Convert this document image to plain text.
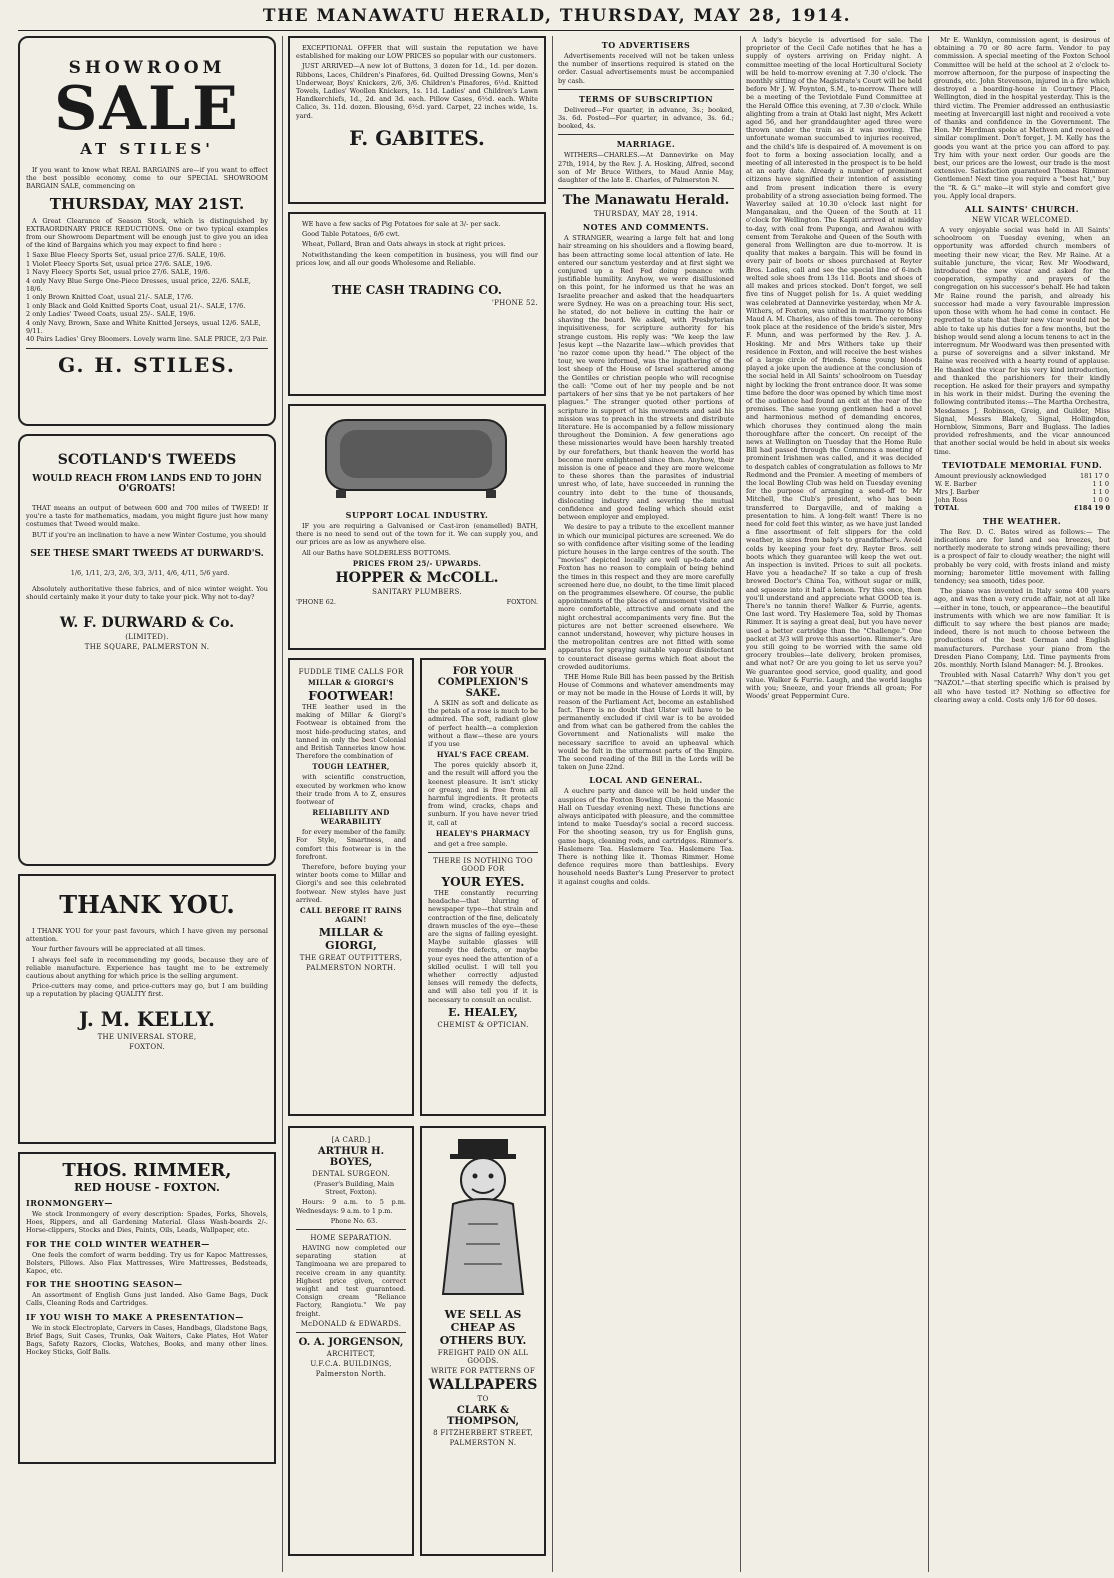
THE MANAWATU HERALD, THURSDAY, MAY 28, 1914.
SHOWROOM
SALE
AT STILES'

If you want to know what REAL BARGAINS are—if you want to effect the best possible economy, come to our SPECIAL SHOWROOM BARGAIN SALE, commencing on

THURSDAY, MAY 21ST.

A Great Clearance of Season Stock, which is distinguished by EXTRAORDINARY PRICE REDUCTIONS. One or two typical examples from our Showroom Department will be enough just to give you an idea of the kind of Bargains which you may expect to find here :

1 Saxe Blue Fleecy Sports Set, usual price 27/6. SALE, 19/6.
1 Violet Fleecy Sports Set, usual price 27/6. SALE, 19/6.
1 Navy Fleecy Sports Set, usual price 27/6. SALE, 19/6.
4 only Navy Blue Serge One-Piece Dresses, usual price, 22/6. SALE, 18/6.
1 only Brown Knitted Coat, usual 21/-. SALE, 17/6.
1 only Black and Gold Knitted Sports Coat, usual 21/-. SALE, 17/6.
2 only Ladies' Tweed Coats, usual 25/-. SALE, 19/6.
4 only Navy, Brown, Saxe and White Knitted Jerseys, usual 12/6. SALE, 9/11.
40 Pairs Ladies' Grey Bloomers. Lovely warm line. SALE PRICE, 2/3 Pair.
G. H. STILES.
SCOTLAND'S TWEEDS
WOULD REACH FROM LANDS END TO JOHN O'GROATS!

THAT means an output of between 600 and 700 miles of TWEED! If you're a taste for mathematics, madam, you might figure just how many costumes that Tweed would make.

BUT if you're an inclination to have a new Winter Costume, you should

SEE THESE SMART TWEEDS AT DURWARD'S.

1/6, 1/11, 2/3, 2/6, 3/3, 3/11, 4/6, 4/11, 5/6 yard.

Absolutely authoritative these fabrics, and of nice winter weight. You should certainly make it your duty to take your pick. Why not to-day?

W. F. DURWARD & Co.
(LIMITED).
THE SQUARE, PALMERSTON N.
THANK YOU.

I THANK YOU for your past favours, which I have given my personal attention.

Your further favours will be appreciated at all times.

I always feel safe in recommending my goods, because they are of reliable manufacture. Experience has taught me to be extremely cautious about anything for which price is the selling argument.

Price-cutters may come, and price-cutters may go, but I am building up a reputation by placing QUALITY first.

J. M. KELLY.
THE UNIVERSAL STORE,
FOXTON.
THOS. RIMMER,
RED HOUSE - FOXTON.
IRONMONGERY—

We stock Ironmongery of every description: Spades, Forks, Shovels, Hoes, Rippers, and all Gardening Material. Glass Wash-boards 2/-. Horse-clippers, Stocks and Dies, Paints, Oils, Leads, Wallpaper, etc.

FOR THE COLD WINTER WEATHER—

One feels the comfort of warm bedding. Try us for Kapoc Mattresses, Bolsters, Pillows. Also Flax Mattresses, Wire Mattresses, Bedsteads, Kapoc, etc.

FOR THE SHOOTING SEASON—

An assortment of English Guns just landed. Also Game Bags, Duck Calls, Cleaning Rods and Cartridges.

IF YOU WISH TO MAKE A PRESENTATION—

We in stock Electroplate, Carvers in Cases, Handbags, Gladstone Bags, Brief Bags, Suit Cases, Trunks, Oak Waiters, Cake Plates, Hot Water Bags, Safety Razors, Clocks, Watches, Books, and many other lines. Hockey Sticks, Golf Balls.

EXCEPTIONAL OFFER that will sustain the reputation we have established for making our LOW PRICES so popular with our customers.

JUST ARRIVED—A new lot of Buttons, 3 dozen for 1d., 1d. per dozen. Ribbons, Laces, Children's Pinafores, 6d. Quilted Dressing Gowns, Men's Underwear, Boys' Knickers, 2/6, 3/6. Children's Pinafores, 6½d. Knitted Towels, Ladies' Woollen Knickers, 1s. 11d. Ladies' and Children's Lawn Handkerchiefs, 1d., 2d. and 3d. each. Pillow Cases, 6½d. each. White Calico, 3s. 11d. dozen. Blousing, 6½d. yard. Carpet, 22 inches wide, 1s. yard.

F. GABITES.

WE have a few sacks of Pig Potatoes for sale at 3/- per sack.

Good Table Potatoes, 6/6 cwt.

Wheat, Pollard, Bran and Oats always in stock at right prices.

Notwithstanding the keen competition in business, you will find our prices low, and all our goods Wholesome and Reliable.

THE CASH TRADING CO.
'PHONE 52.
SUPPORT LOCAL INDUSTRY.

IF you are requiring a Galvanised or Cast-iron (enamelled) BATH, there is no need to send out of the town for it. We can supply you, and our prices are as low as anywhere else.

All our Baths have SOLDERLESS BOTTOMS.

PRICES FROM 25/- UPWARDS.
HOPPER & McCOLL.
SANITARY PLUMBERS.
'PHONE 62.	FOXTON.
FUDDLE TIME CALLS FOR
MILLAR & GIORGI'S
FOOTWEAR!

THE leather used in the making of Millar & Giorgi's Footwear is obtained from the most hide-producing states, and tanned in only the best Colonial and British Tanneries know how. Therefore the combination of

TOUGH LEATHER,

with scientific construction, executed by workmen who know their trade from A to Z, ensures footwear of

RELIABILITY AND WEARABILITY

for every member of the family. For Style, Smartness, and comfort this footwear is in the forefront.

Therefore, before buying your winter boots come to Millar and Giorgi's and see this celebrated footwear. New styles have just arrived.

CALL BEFORE IT RAINS AGAIN!
MILLAR & GIORGI,
THE GREAT OUTFITTERS,
PALMERSTON NORTH.
FOR YOUR COMPLEXION'S SAKE.

A SKIN as soft and delicate as the petals of a rose is much to be admired. The soft, radiant glow of perfect health—a complexion without a flaw—these are yours if you use

HYAL'S FACE CREAM.

The pores quickly absorb it, and the result will afford you the keenest pleasure. It isn't sticky or greasy, and is free from all harmful ingredients. It protects from wind, cracks, chaps and sunburn. If you have never tried it, call at

HEALEY'S PHARMACY

and get a free sample.

THERE IS NOTHING TOO GOOD FOR
YOUR EYES.

THE constantly recurring headache—that blurring of newspaper type—that strain and contraction of the fine, delicately drawn muscles of the eye—these are the signs of failing eyesight. Maybe suitable glasses will remedy the defects, or maybe your eyes need the attention of a skilled oculist. I will tell you whether correctly adjusted lenses will remedy the defects, and will also tell you if it is necessary to consult an oculist.

E. HEALEY,
CHEMIST & OPTICIAN.
[A CARD.]
ARTHUR H. BOYES,
DENTAL SURGEON.

(Fraser's Building, Main Street, Foxton).

Hours: 9 a.m. to 5 p.m. Wednesdays: 9 a.m. to 1 p.m.

Phone No. 63.

HOME SEPARATION.

HAVING now completed our separating station at Tangimoana we are prepared to receive cream in any quantity. Highest price given, correct weight and test guaranteed. Consign cream "Reliance Factory, Rangiotu." We pay freight.

McDONALD & EDWARDS.
O. A. JORGENSON,
ARCHITECT,
U.F.C.A. BUILDINGS,
Palmerston North.
WE SELL AS CHEAP AS OTHERS BUY.
FREIGHT PAID ON ALL GOODS.
WRITE FOR PATTERNS OF
WALLPAPERS
TO
CLARK & THOMPSON,
8 FITZHERBERT STREET,
PALMERSTON N.
TO ADVERTISERS

Advertisements received will not be taken unless the number of insertions required is stated on the order. Casual advertisements must be accompanied by cash.

TERMS OF SUBSCRIPTION

Delivered—For quarter, in advance, 3s.; booked, 3s. 6d. Posted—For quarter, in advance, 3s. 6d.; booked, 4s.

MARRIAGE.

WITHERS—CHARLES.—At Dannevirke on May 27th, 1914, by the Rev. J. A. Hosking, Alfred, second son of Mr Bruce Withers, to Maud Annie May, daughter of the late E. Charles, of Palmerston N.

The Manawatu Herald.
THURSDAY, MAY 28, 1914.
NOTES AND COMMENTS.

A STRANGER, wearing a large felt hat and long hair streaming on his shoulders and a flowing beard, has been attracting some local attention of late. He entered our sanctum yesterday and at first sight we conjured up a Red Fed doing penance with justifiable humility. Anyhow, we were disillusioned on this point, for he informed us that he was an Israelite preacher and asked that the headquarters were Sydney. He was on a preaching tour. His sect, he stated, do not believe in cutting the hair or shaving the beard. We asked, with Presbyterian inquisitiveness, for scripture authority for his strange custom. His reply was: "We keep the law Jesus kept —the Nazarite law—which provides that 'no razor come upon thy head.'" The object of the tour, we were informed, was the ingathering of the lost sheep of the House of Israel scattered among the Gentiles or christian people who will recognise the call: "Come out of her my people and be not partakers of her sins that ye be not partakers of her plagues." The stranger quoted other portions of scripture in support of his movements and said his mission was to preach in the streets and distribute literature. He is accompanied by a fellow missionary throughout the Dominion. A few generations ago these missionaries would have been harshly treated by our forefathers, but thank heaven the world has become more enlightened since then. Anyhow, their mission is one of peace and they are more welcome to these shores than the parasites of industrial unrest who, of late, have succeeded in running the country into debt to the tune of thousands, dislocating industry and severing the mutual confidence and good feeling which should exist between employer and employed.

We desire to pay a tribute to the excellent manner in which our municipal pictures are screened. We do so with confidence after visiting some of the leading picture houses in the large centres of the south. The "movies" depicted locally are well up-to-date and Foxton has no reason to complain of being behind the times in this respect and they are more carefully screened here due, no doubt, to the time limit placed on the programmes elsewhere. Of course, the public appointments of the places of amusement visited are more comfortable, attractive and ornate and the night orchestral accompaniments very fine. But the pictures are not better screened elsewhere. We cannot understand, however, why picture houses in the metropolitan centres are not fitted with some apparatus for spraying suitable vapour disinfectant to counteract disease germs which float about the crowded auditoriums.

THE Home Rule Bill has been passed by the British House of Commons and whatever amendments may or may not be made in the House of Lords it will, by reason of the Parliament Act, become an established fact. There is no doubt that Ulster will have to be permanently excluded if civil war is to be avoided and from what can be gathered from the cables the Government and Nationalists will make the necessary sacrifice to avoid an upheaval which would be felt in the uttermost parts of the Empire. The second reading of the Bill in the Lords will be taken on June 22nd.

LOCAL AND GENERAL.

A euchre party and dance will be held under the auspices of the Foxton Bowling Club, in the Masonic Hall on Tuesday evening next. These functions are always anticipated with pleasure, and the committee intend to make Tuesday's social a record success. For the shooting season, try us for English guns, game bags, cleaning rods, and cartridges. Rimmer's. Haslemere Tea. Haslemere Tea. Haslemere Tea. There is nothing like it. Thomas Rimmer. Home defence requires more than battleships. Every household needs Baxter's Lung Preserver to protect it against coughs and colds.

A lady's bicycle is advertised for sale. The proprietor of the Cecil Cafe notifies that he has a supply of oysters arriving on Friday night. A committee meeting of the local Horticultural Society will be held to-morrow evening at 7.30 o'clock. The monthly sitting of the Magistrate's Court will be held before Mr J. W. Poynton, S.M., to-morrow. There will be a meeting of the Teviotdale Fund Committee at the Herald Office this evening, at 7.30 o'clock. While alighting from a train at Otaki last night, Mrs Ackett aged 56, and her granddaughter aged three were thrown under the train as it was moving. The unfortunate woman succumbed to injuries received, and the child's life is despaired of. A movement is on foot to form a boxing association locally, and a meeting of all interested in the prospect is to be held at an early date. Already a number of prominent citizens have signified their intention of assisting and from present indication there is every probability of a strong association being formed. The Waverley sailed at 10.30 o'clock last night for Manganakau, and the Queen of the South at 11 o'clock for Wellington. The Kapiti arrived at midday to-day, with coal from Puponga, and Awahou with cement from Terakohe and Queen of the South with general from Wellington are due to-morrow. It is quality that makes a bargain. This will be found in every pair of boots or shoes purchased at Reyter Bros. Ladies, call and see the special line of 6-inch welted sole shoes from 13s 11d. Boots and shoes of all makes and prices stocked. Don't forget, we sell five tins of Nugget polish for 1s. A quiet wedding was celebrated at Dannevirke yesterday, when Mr A. Withers, of Foxton, was united in matrimony to Miss Maud A. M. Charles, also of this town. The ceremony took place at the residence of the bride's sister, Mrs F. Munn, and was performed by the Rev. J. A. Hosking. Mr and Mrs Withers take up their residence in Foxton, and will receive the best wishes of a large circle of friends. Some young bloods played a joke upon the audience at the conclusion of the social held in All Saints' schoolroom on Tuesday night by locking the front entrance door. It was some time before the door was opened by which time most of the audience had found an exit at the rear of the premises. The same young gentlemen had a novel and harmonious method of demanding encores, which choruses they continued along the main thoroughfare after the concert. On receipt of the news at Wellington on Tuesday that the Home Rule Bill had passed through the Commons a meeting of prominent Irishmen was called, and it was decided to despatch cables of congratulation as follows to Mr Redmond and the Premier. A meeting of members of the local Bowling Club was held on Tuesday evening for the purpose of arranging a send-off to Mr Mitchell, the Club's president, who has been transferred to Dargaville, and of making a presentation to him. A long-felt want! There is no need for cold feet this winter, as we have just landed a fine assortment of felt slippers for the cold weather, in sizes from baby's to grandfather's. Avoid colds by keeping your feet dry. Reyter Bros. sell boots which they guarantee will keep the wet out. An inspection is invited. Prices to suit all pockets. Have you a headache? If so take a cup of fresh brewed Doctor's China Tea, without sugar or milk, and squeeze into it half a lemon. Try this once, then you'll understand and appreciate what GOOD tea is. There's no tannin there! Walker & Furrie, agents. One last word. Try Haslemere Tea, sold by Thomas Rimmer. It is saying a great deal, but you have never used a better cartridge than the "Challenge." One packet at 3/3 will prove this assertion. Rimmer's. Are you still going to be worried with the same old grocery troubles—late delivery, broken promises, and what not? Or are you going to let us serve you? We guarantee good service, good quality, and good value. Walker & Furrie. Laugh, and the world laughs with you; Sneeze, and your friends all groan; For Woods' great Peppermint Cure.

Mr E. Wanklyn, commission agent, is desirous of obtaining a 70 or 80 acre farm. Vendor to pay commission. A special meeting of the Foxton School Committee will be held at the school at 2 o'clock to-morrow afternoon, for the purpose of inspecting the grounds, etc. John Stevenson, injured in a fire which destroyed a boarding-house in Courtney Place, Wellington, died in the hospital yesterday. This is the third victim. The Premier addressed an enthusiastic meeting at Invercargill last night and received a vote of thanks and confidence in the Government. The Hon. Mr Herdman spoke at Methven and received a similar compliment. Don't forget, J. M. Kelly has the goods you want at the price you can afford to pay. Try him with your next order. Our goods are the best, our prices are the lowest, our trade is the most extensive. Satisfaction guaranteed Thomas Rimmer. Gentlemen! Next time you require a "best hat," buy the "R. & G." make—it will style and comfort give you. Apply local drapers.

ALL SAINTS' CHURCH.
NEW VICAR WELCOMED.

A very enjoyable social was held in All Saints' schoolroom on Tuesday evening, when an opportunity was afforded church members of meeting their new vicar, the Rev. Mr Raine. At a suitable juncture, the vicar, Rev. Mr Woodward, introduced the new vicar and asked for the cooperation, sympathy and prayers of the congregation on his successor's behalf. He had taken Mr Raine round the parish, and already his successor had made a very favourable impression upon those with whom he had come in contact. He regretted to state that their new vicar would not be able to take up his duties for a few months, but the bishop would send along a locum tenens to act in the interregnum. Mr Woodward was then presented with a purse of sovereigns and a silver inkstand. Mr Raine was received with a hearty round of applause. He thanked the vicar for his very kind introduction, and thanked the parishioners for their kindly reception. He asked for their prayers and sympathy in his work in their midst. During the evening the following contributed items:—The Martha Orchestra, Mesdames J. Robinson, Greig, and Guilder, Miss Signal, Messrs Blakely, Signal, Hollingdon, Hornblow, Simmons, Barr and Buglass. The ladies provided refreshments, and the vicar announced that another social would be held in about six weeks time.

TEVIOTDALE MEMORIAL FUND.
Amount previously acknowledged	181 17 0
W. E. Barber	1 1 0
Mrs J. Barber	1 1 0
John Ross	1 0 0
TOTAL	£184 19 0
THE WEATHER.

The Rev. D. C. Bates wired as follows:— The indications are for land and sea breezes, but northerly moderate to strong winds prevailing; there is a prospect of fair to cloudy weather; the night will probably be very cold, with frosts inland and misty morning; barometer little movement with falling tendency; sea smooth, tides poor.

The piano was invented in Italy some 400 years ago, and was then a very crude affair, not at all like—either in tone, touch, or appearance—the beautiful instruments with which we are now familiar. It is difficult to say where the best pianos are made; indeed, there is not much to choose between the productions of the best German and English manufacturers. Purchase your piano from the Dresden Piano Company, Ltd. Time payments from 20s. monthly. North Island Manager: M. J. Brookes.

Troubled with Nasal Catarrh? Why don't you get "NAZOL"—that sterling specific which is praised by all who have tested it? Nothing so effective for clearing away a cold. Costs only 1/6 for 60 doses.
